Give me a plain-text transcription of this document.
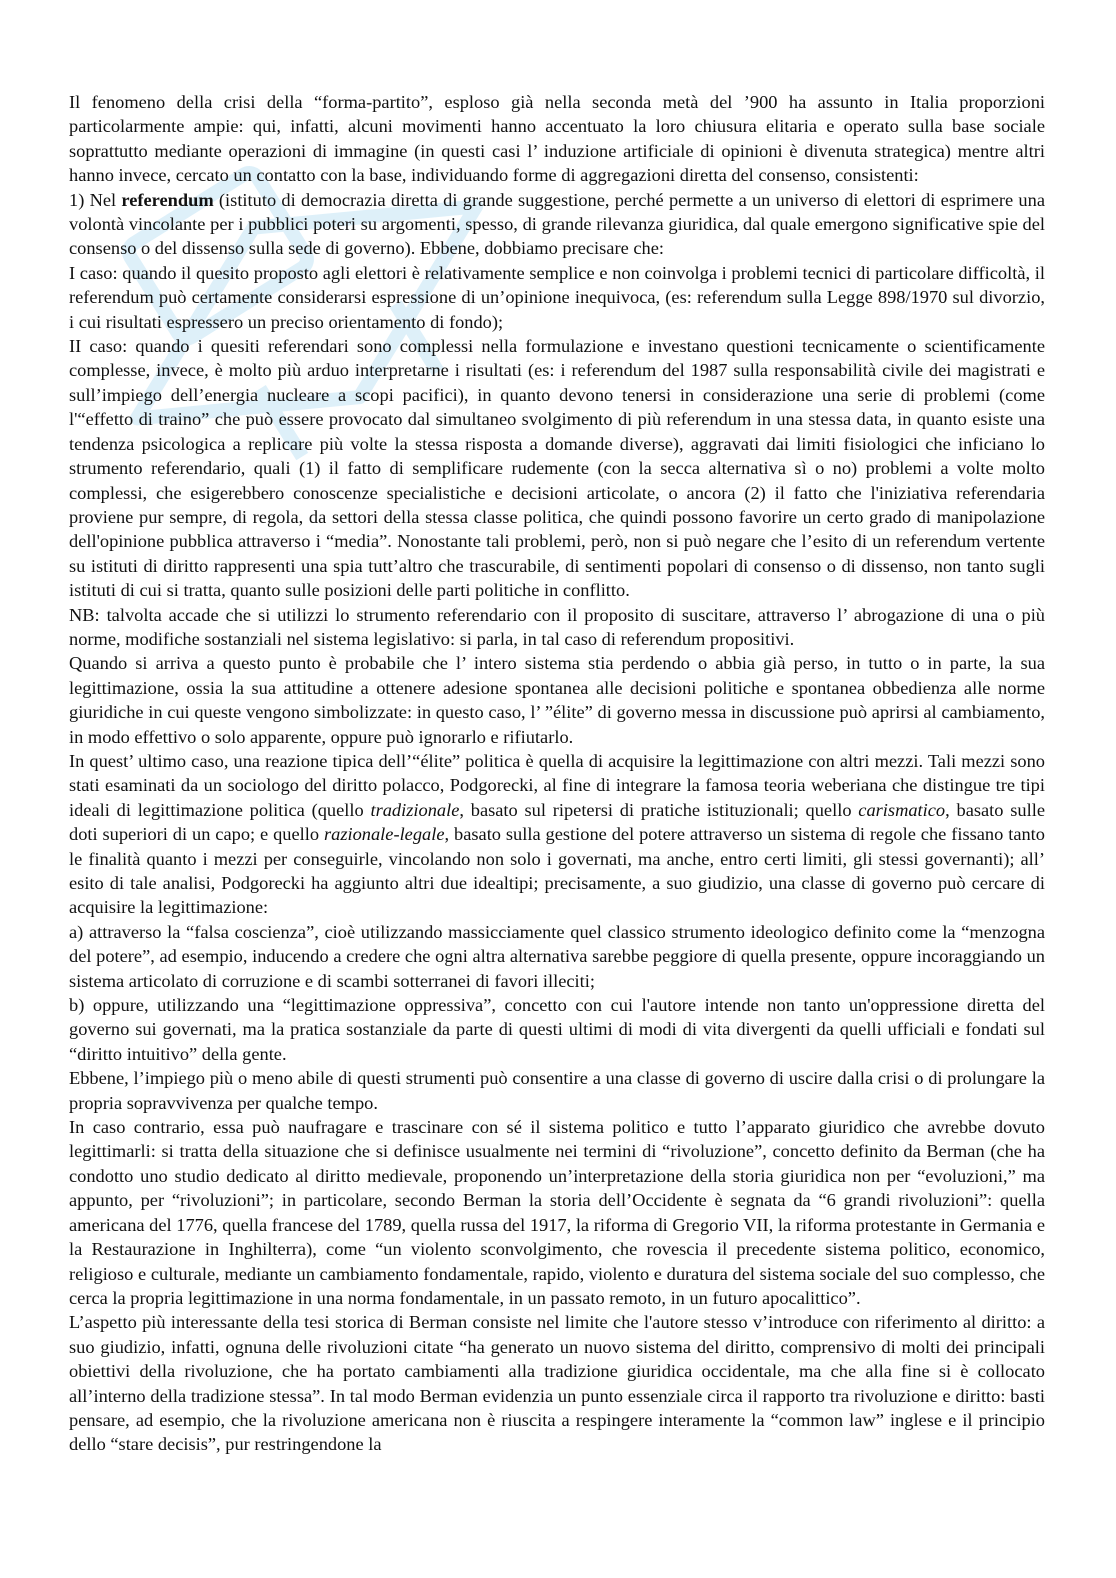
Il fenomeno della crisi della “forma-partito”, esploso già nella seconda metà del ’900 ha assunto in Italia proporzioni particolarmente ampie: qui, infatti, alcuni movimenti hanno accentuato la loro chiusura elitaria e operato sulla base sociale soprattutto mediante operazioni di immagine (in questi casi l’ induzione artificiale di opinioni è divenuta strategica) mentre altri hanno invece, cercato un contatto con la base, individuando forme di aggregazioni diretta del consenso, consistenti:

1) Nel referendum (istituto di democrazia diretta di grande suggestione, perché permette a un universo di elettori di esprimere una volontà vincolante per i pubblici poteri su argomenti, spesso, di grande rilevanza giuridica, dal quale emergono significative spie del consenso o del dissenso sulla sede di governo). Ebbene, dobbiamo precisare che:

I caso: quando il quesito proposto agli elettori è relativamente semplice e non coinvolga i problemi tecnici di particolare difficoltà, il referendum può certamente considerarsi espressione di un’opinione inequivoca, (es: referendum sulla Legge 898/1970 sul divorzio, i cui risultati espressero un preciso orientamento di fondo);

II caso: quando i quesiti referendari sono complessi nella formulazione e investano questioni tecnicamente o scientificamente complesse, invece, è molto più arduo interpretarne i risultati (es: i referendum del 1987 sulla responsabilità civile dei magistrati e sull’impiego dell’energia nucleare a scopi pacifici), in quanto devono tenersi in considerazione una serie di problemi (come l'“effetto di traino” che può essere provocato dal simultaneo svolgimento di più referendum in una stessa data, in quanto esiste una tendenza psicologica a replicare più volte la stessa risposta a domande diverse), aggravati dai limiti fisiologici che inficiano lo strumento referendario, quali (1) il fatto di semplificare rudemente (con la secca alternativa sì o no) problemi a volte molto complessi, che esigerebbero conoscenze specialistiche e decisioni articolate, o ancora (2) il fatto che l'iniziativa referendaria proviene pur sempre, di regola, da settori della stessa classe politica, che quindi possono favorire un certo grado di manipolazione dell'opinione pubblica attraverso i “media”. Nonostante tali problemi, però, non si può negare che l’esito di un referendum vertente su istituti di diritto rappresenti una spia tutt’altro che trascurabile, di sentimenti popolari di consenso o di dissenso, non tanto sugli istituti di cui si tratta, quanto sulle posizioni delle parti politiche in conflitto.

NB: talvolta accade che si utilizzi lo strumento referendario con il proposito di suscitare, attraverso l’ abrogazione di una o più norme, modifiche sostanziali nel sistema legislativo: si parla, in tal caso di referendum propositivi.

Quando si arriva a questo punto è probabile che l’ intero sistema stia perdendo o abbia già perso, in tutto o in parte, la sua legittimazione, ossia la sua attitudine a ottenere adesione spontanea alle decisioni politiche e spontanea obbedienza alle norme giuridiche in cui queste vengono simbolizzate: in questo caso, l’ ”élite” di governo messa in discussione può aprirsi al cambiamento, in modo effettivo o solo apparente, oppure può ignorarlo e rifiutarlo.

In quest’ ultimo caso, una reazione tipica dell’“élite” politica è quella di acquisire la legittimazione con altri mezzi. Tali mezzi sono stati esaminati da un sociologo del diritto polacco, Podgorecki, al fine di integrare la famosa teoria weberiana che distingue tre tipi ideali di legittimazione politica (quello tradizionale, basato sul ripetersi di pratiche istituzionali; quello carismatico, basato sulle doti superiori di un capo; e quello razionale-legale, basato sulla gestione del potere attraverso un sistema di regole che fissano tanto le finalità quanto i mezzi per conseguirle, vincolando non solo i governati, ma anche, entro certi limiti, gli stessi governanti); all’ esito di tale analisi, Podgorecki ha aggiunto altri due idealtipi; precisamente, a suo giudizio, una classe di governo può cercare di acquisire la legittimazione:

a) attraverso la “falsa coscienza”, cioè utilizzando massicciamente quel classico strumento ideologico definito come la “menzogna del potere”, ad esempio, inducendo a credere che ogni altra alternativa sarebbe peggiore di quella presente, oppure incoraggiando un sistema articolato di corruzione e di scambi sotterranei di favori illeciti;

b) oppure, utilizzando una “legittimazione oppressiva”, concetto con cui l'autore intende non tanto un'oppressione diretta del governo sui governati, ma la pratica sostanziale da parte di questi ultimi di modi di vita divergenti da quelli ufficiali e fondati sul “diritto intuitivo” della gente.

Ebbene, l’impiego più o meno abile di questi strumenti può consentire a una classe di governo di uscire dalla crisi o di prolungare la propria sopravvivenza per qualche tempo.

In caso contrario, essa può naufragare e trascinare con sé il sistema politico e tutto l’apparato giuridico che avrebbe dovuto legittimarli: si tratta della situazione che si definisce usualmente nei termini di “rivoluzione”, concetto definito da Berman (che ha condotto uno studio dedicato al diritto medievale, proponendo un’interpretazione della storia giuridica non per “evoluzioni,” ma appunto, per “rivoluzioni”; in particolare, secondo Berman la storia dell’Occidente è segnata da “6 grandi rivoluzioni”: quella americana del 1776, quella francese del 1789, quella russa del 1917, la riforma di Gregorio VII, la riforma protestante in Germania e la Restaurazione in Inghilterra), come “un violento sconvolgimento, che rovescia il precedente sistema politico, economico, religioso e culturale, mediante un cambiamento fondamentale, rapido, violento e duratura del sistema sociale del suo complesso, che cerca la propria legittimazione in una norma fondamentale, in un passato remoto, in un futuro apocalittico”.

L’aspetto più interessante della tesi storica di Berman consiste nel limite che l'autore stesso v’introduce con riferimento al diritto: a suo giudizio, infatti, ognuna delle rivoluzioni citate “ha generato un nuovo sistema del diritto, comprensivo di molti dei principali obiettivi della rivoluzione, che ha portato cambiamenti alla tradizione giuridica occidentale, ma che alla fine si è collocato all’interno della tradizione stessa”. In tal modo Berman evidenzia un punto essenziale circa il rapporto tra rivoluzione e diritto: basti pensare, ad esempio, che la rivoluzione americana non è riuscita a respingere interamente la “common law” inglese e il principio dello “stare decisis”, pur restringendone la
